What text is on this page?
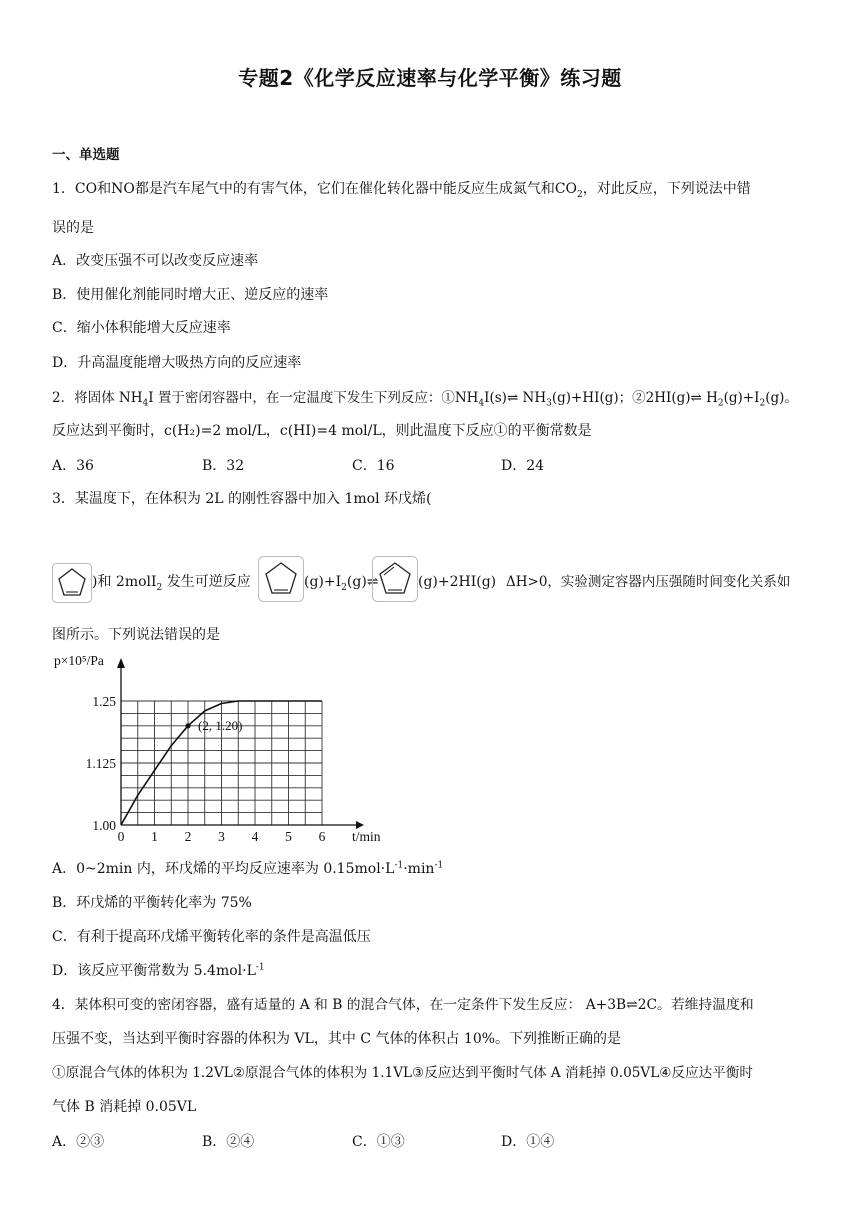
专题2《化学反应速率与化学平衡》练习题
一、单选题
1．CO和NO都是汽车尾气中的有害气体，它们在催化转化器中能反应生成氮气和$CO_2$，对此反应，下列说法中错
误的是
A．改变压强不可以改变反应速率
B．使用催化剂能同时增大正、逆反应的速率
C．缩小体积能增大反应速率
D．升高温度能增大吸热方向的反应速率
2．将固体 $NH_4I$ 置于密闭容器中，在一定温度下发生下列反应：$①NH_4I(s)\rightleftharpoons$ $NH_3(g)+HI(g)$；②2HI(g)⇌ $H_2(g)+I_2(g)$。
反应达到平衡时，c(H₂)=2 mol/L，c(HI)=4 mol/L，则此温度下反应①的平衡常数是
A．36	B．32	C．16	D．24
3．某温度下，在体积为 2L 的刚性容器中加入 1mol 环戊烯(
)和 2molI$_2$ 发生可逆反应	$(g)+I_2(g)\rightleftharpoons$	(g)+2HI(g) ΔH>0，实验测定容器内压强随时间变化关系如
图所示。下列说法错误的是
0 1 2 3 4 5 6
1.00
1.125
1.25
p×10⁵/Pa
t/min
(2, 1.20)
A．0~2min 内，环戊烯的平均反应速率为 $0.15mol\cdot L^{-1}\cdot\min^{-1}$
B．环戊烯的平衡转化率为 75%
C．有利于提高环戊烯平衡转化率的条件是高温低压
D．该反应平衡常数为 $5.4mol\cdot L^{-1}$
4．某体积可变的密闭容器，盛有适量的 A 和 B 的混合气体，在一定条件下发生反应： A+3B⇌2C。若维持温度和
压强不变，当达到平衡时容器的体积为 VL，其中 C 气体的体积占 10%。下列推断正确的是
①原混合气体的体积为 1.2VL②原混合气体的体积为 1.1VL③反应达到平衡时气体 A 消耗掉 0.05VL④反应达平衡时
气体 B 消耗掉 0.05VL
A．②③	B．②④	C．①③	D．①④
